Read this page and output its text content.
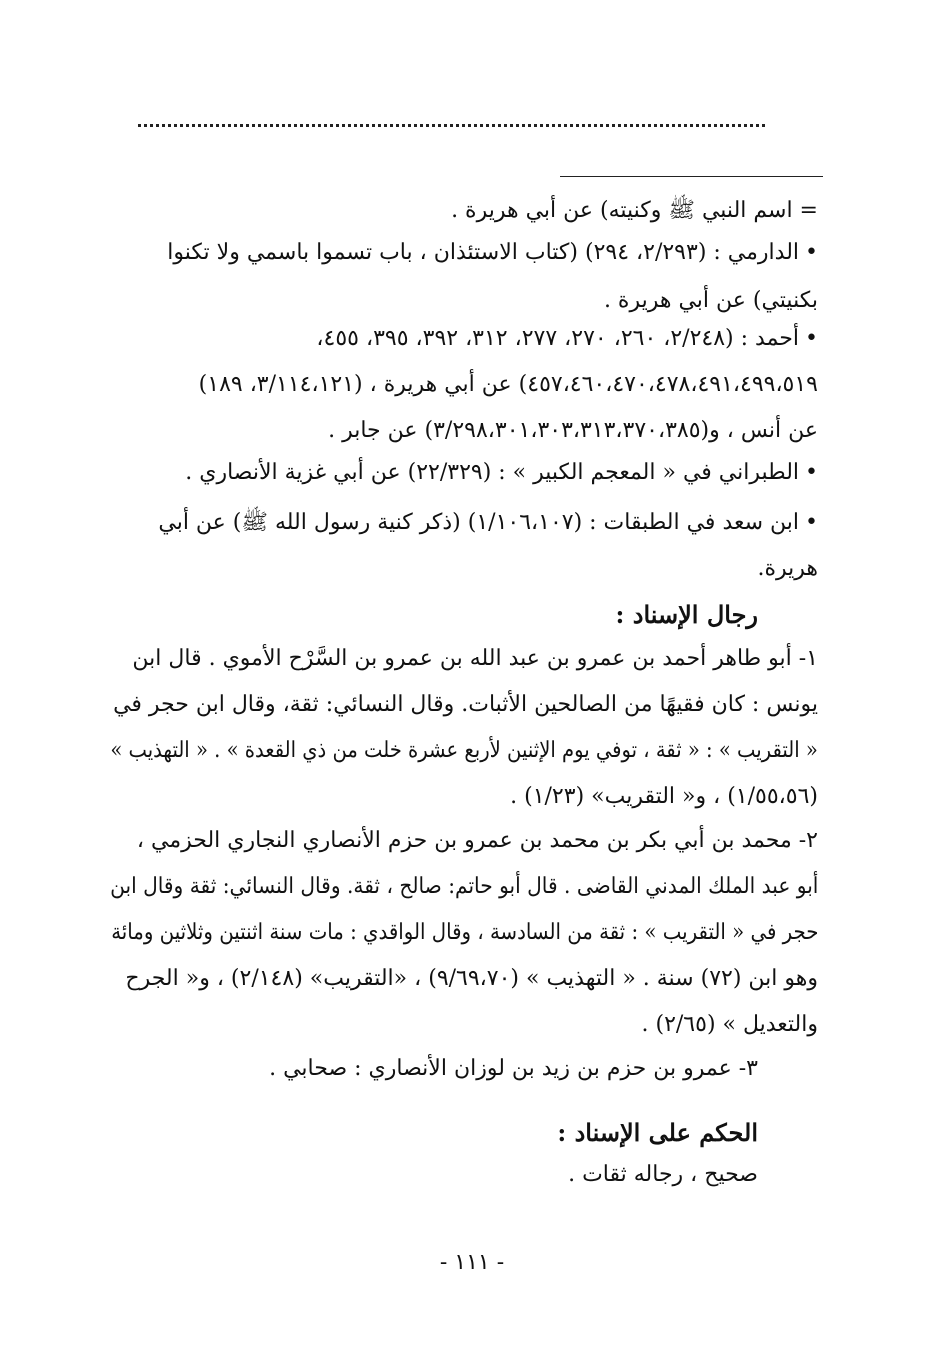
= اسم النبي ﷺ وكنيته) عن أبي هريرة .
• الدارمي : (٢/٢٩٣، ٢٩٤) (كتاب الاستئذان ، باب تسموا باسمي ولا تكنوا
بكنيتي) عن أبي هريرة .
• أحمد : (٢/٢٤٨، ٢٦٠، ٢٧٠، ٢٧٧، ٣١٢، ٣٩٢، ٣٩٥، ٤٥٥،
٤٥٧،٤٦٠،٤٧٠،٤٧٨،٤٩١،٤٩٩،٥١٩) عن أبي هريرة ، (٣/١١٤،١٢١، ١٨٩)
عن أنس ، و(٣/٢٩٨،٣٠١،٣٠٣،٣١٣،٣٧٠،٣٨٥) عن جابر .
• الطبراني في « المعجم الكبير » : (٢٢/٣٢٩) عن أبي غزية الأنصاري .
• ابن سعد في الطبقات : (١/١٠٦،١٠٧) (ذكر كنية رسول الله ﷺ) عن أبي
هريرة.
رجال الإسناد :
١- أبو طاهر أحمد بن عمرو بن عبد الله بن عمرو بن السَّرْح الأموي . قال ابن
يونس : كان فقيهًا من الصالحين الأثبات. وقال النسائي: ثقة، وقال ابن حجر في
« التقريب » : « ثقة ، توفي يوم الإثنين لأربع عشرة خلت من ذي القعدة » . « التهذيب »
(١/٥٥،٥٦) ، و« التقريب» (١/٢٣) .
٢- محمد بن أبي بكر بن محمد بن عمرو بن حزم الأنصاري النجاري الحزمي ،
أبو عبد الملك المدني القاضى . قال أبو حاتم: صالح ، ثقة. وقال النسائي: ثقة وقال ابن
حجر في « التقريب » : ثقة من السادسة ، وقال الواقدي : مات سنة اثنتين وثلاثين ومائة
وهو ابن (٧٢) سنة . « التهذيب » (٩/٦٩،٧٠) ، «التقريب» (٢/١٤٨) ، و« الجرح
والتعديل » (٢/٦٥) .
٣- عمرو بن حزم بن زيد بن لوزان الأنصاري : صحابي .
الحكم على الإسناد :
صحيح ، رجاله ثقات .
- ١١١ -
